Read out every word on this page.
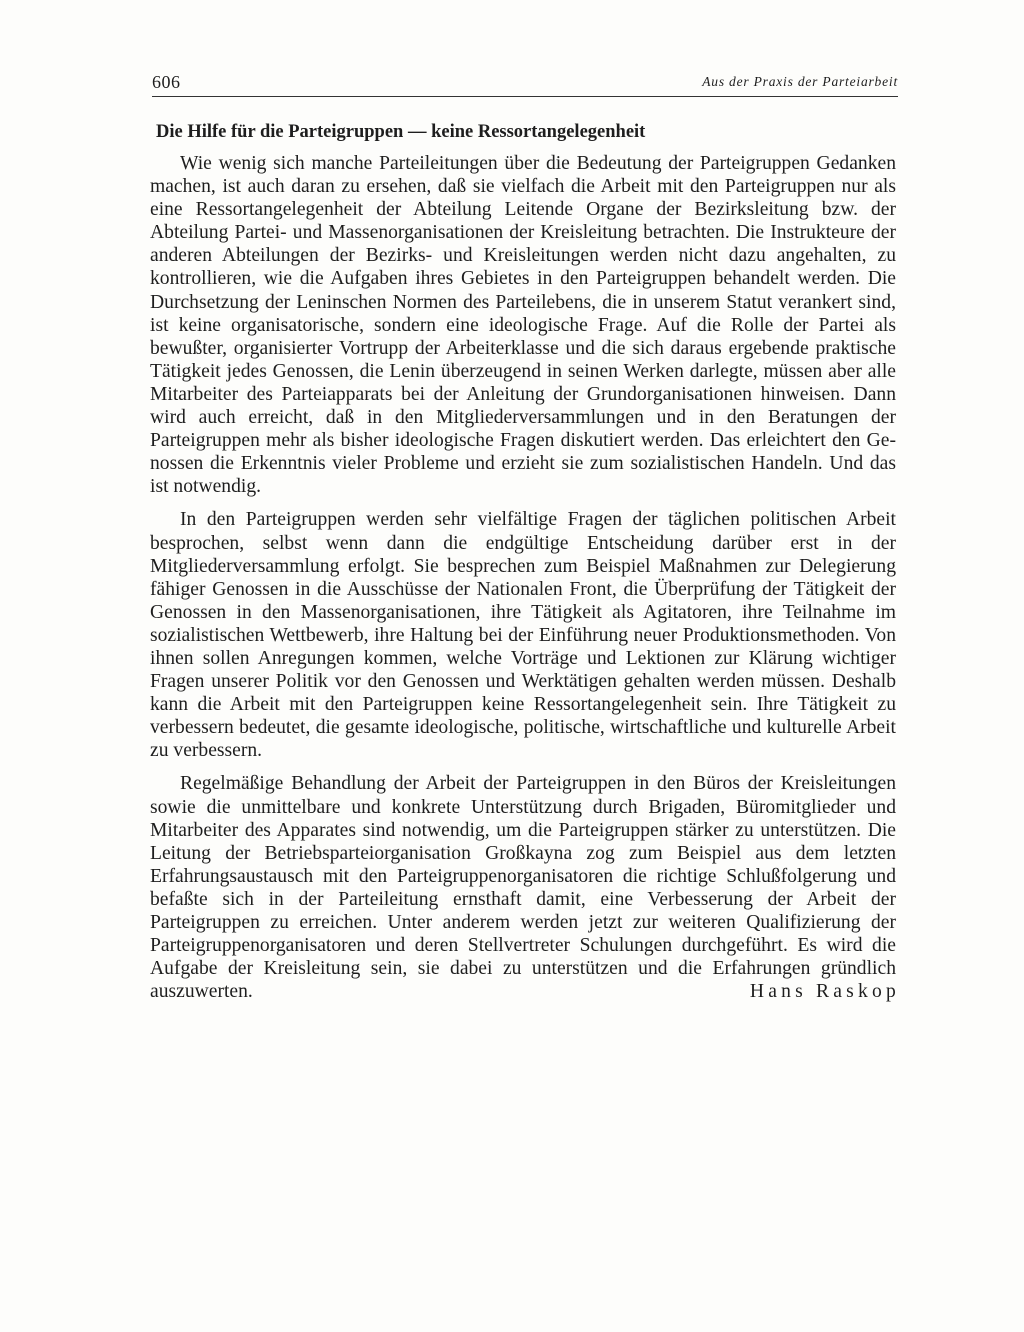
606	Aus der Praxis der Parteiarbeit
Die Hilfe für die Parteigruppen — keine Ressortangelegenheit

Wie wenig sich manche Parteileitungen über die Bedeutung der Parteigruppen Gedanken machen, ist auch daran zu ersehen, daß sie vielfach die Arbeit mit den Parteigruppen nur als eine Ressortangelegenheit der Abteilung Leitende Organe der Bezirksleitung bzw. der Abteilung Partei- und Massenorganisationen der Kreisleitung betrachten. Die Instrukteure der anderen Abteilungen der Bezirks- und Kreisleitungen werden nicht dazu angehalten, zu kontrollieren, wie die Aufgaben ihres Gebietes in den Parteigruppen behandelt werden. Die Durchsetzung der Leninschen Normen des Parteilebens, die in unserem Statut verankert sind, ist keine organisatorische, sondern eine ideologische Frage. Auf die Rolle der Partei als bewußter, organisierter Vortrupp der Arbeiterklasse und die sich daraus ergebende praktische Tätigkeit jedes Genossen, die Lenin überzeugend in seinen Werken darlegte, müssen aber alle Mitarbeiter des Parteiapparats bei der Anleitung der Grundorganisationen hinweisen. Dann wird auch erreicht, daß in den Mitgliederversammlungen und in den Beratungen der Parteigruppen mehr als bisher ideologische Fragen diskutiert werden. Das erleichtert den Genossen die Erkenntnis vieler Probleme und erzieht sie zum sozialistischen Handeln. Und das ist notwendig.

In den Parteigruppen werden sehr vielfältige Fragen der täglichen politischen Arbeit besprochen, selbst wenn dann die endgültige Entscheidung darüber erst in der Mitgliederversammlung erfolgt. Sie besprechen zum Beispiel Maßnahmen zur Delegierung fähiger Genossen in die Ausschüsse der Nationalen Front, die Überprüfung der Tätigkeit der Genossen in den Massenorganisationen, ihre Tätigkeit als Agitatoren, ihre Teilnahme im sozialistischen Wettbewerb, ihre Haltung bei der Einführung neuer Produktionsmethoden. Von ihnen sollen Anregungen kommen, welche Vorträge und Lektionen zur Klärung wichtiger Fragen unserer Politik vor den Genossen und Werktätigen gehalten werden müssen. Deshalb kann die Arbeit mit den Parteigruppen keine Ressortangelegenheit sein. Ihre Tätigkeit zu verbessern bedeutet, die gesamte ideologische, politische, wirtschaftliche und kulturelle Arbeit zu verbessern.

Regelmäßige Behandlung der Arbeit der Parteigruppen in den Büros der Kreisleitungen sowie die unmittelbare und konkrete Unterstützung durch Brigaden, Büromitglieder und Mitarbeiter des Apparates sind notwendig, um die Parteigruppen stärker zu unterstützen. Die Leitung der Betriebsparteiorganisation Großkayna zog zum Beispiel aus dem letzten Erfahrungsaustausch mit den Parteigruppenorganisatoren die richtige Schlußfolgerung und befaßte sich in der Parteileitung ernsthaft damit, eine Verbesserung der Arbeit der Parteigruppen zu erreichen. Unter anderem werden jetzt zur weiteren Qualifizierung der Parteigruppenorganisatoren und deren Stellvertreter Schulungen durchgeführt. Es wird die Aufgabe der Kreisleitung sein, sie dabei zu unterstützen und die Erfahrungen gründlich auszuwerten.	Hans Raskop
